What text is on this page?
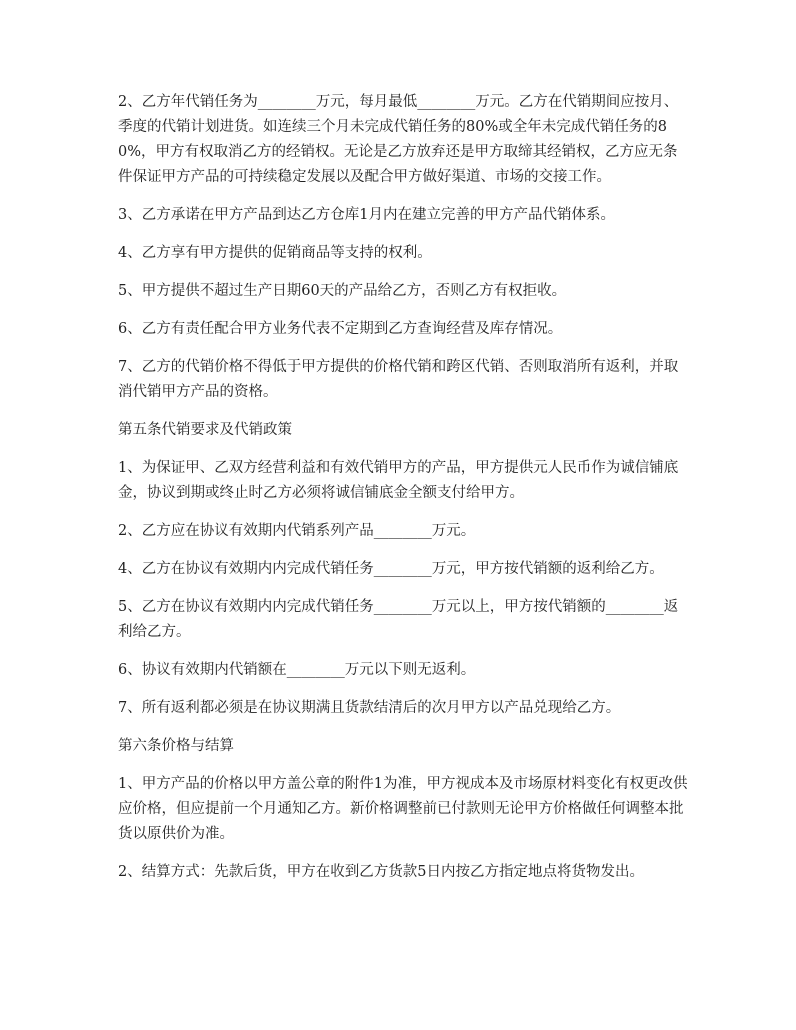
2、乙方年代销任务为________万元，每月最低________万元。乙方在代销期间应按月、季度的代销计划进货。如连续三个月未完成代销任务的80%或全年未完成代销任务的80%，甲方有权取消乙方的经销权。无论是乙方放弃还是甲方取缔其经销权，乙方应无条件保证甲方产品的可持续稳定发展以及配合甲方做好渠道、市场的交接工作。

3、乙方承诺在甲方产品到达乙方仓库1月内在建立完善的甲方产品代销体系。

4、乙方享有甲方提供的促销商品等支持的权利。

5、甲方提供不超过生产日期60天的产品给乙方，否则乙方有权拒收。

6、乙方有责任配合甲方业务代表不定期到乙方查询经营及库存情况。

7、乙方的代销价格不得低于甲方提供的价格代销和跨区代销、否则取消所有返利，并取消代销甲方产品的资格。

第五条代销要求及代销政策

1、为保证甲、乙双方经营利益和有效代销甲方的产品，甲方提供元人民币作为诚信铺底金，协议到期或终止时乙方必须将诚信铺底金全额支付给甲方。

2、乙方应在协议有效期内代销系列产品________万元。

4、乙方在协议有效期内内完成代销任务________万元，甲方按代销额的返利给乙方。

5、乙方在协议有效期内内完成代销任务________万元以上，甲方按代销额的________返利给乙方。

6、协议有效期内代销额在________万元以下则无返利。

7、所有返利都必须是在协议期满且货款结清后的次月甲方以产品兑现给乙方。

第六条价格与结算

1、甲方产品的价格以甲方盖公章的附件1为准，甲方视成本及市场原材料变化有权更改供应价格，但应提前一个月通知乙方。新价格调整前已付款则无论甲方价格做任何调整本批货以原供价为准。

2、结算方式：先款后货，甲方在收到乙方货款5日内按乙方指定地点将货物发出。
